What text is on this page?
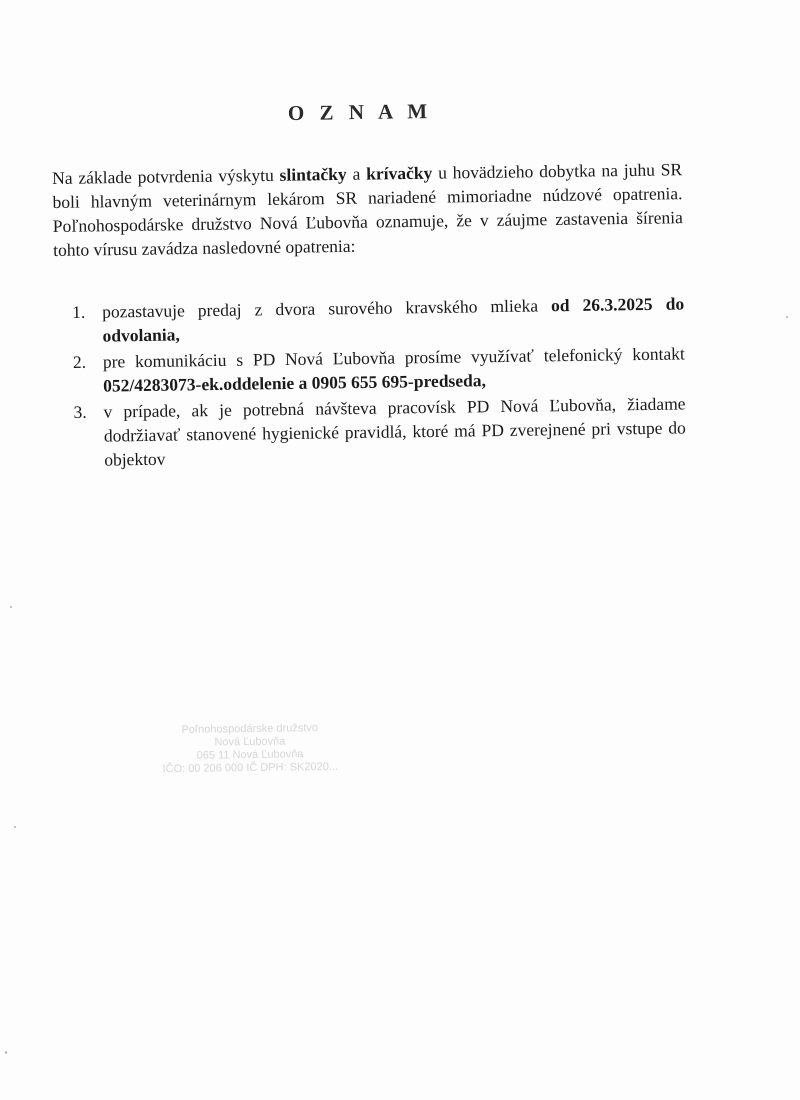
O Z N A M
Na základe potvrdenia výskytu slintačky a krívačky u hovädzieho dobytka na juhu SR boli hlavným veterinárnym lekárom SR nariadené mimoriadne núdzové opatrenia. Poľnohospodárske družstvo Nová Ľubovňa oznamuje, že v záujme zastavenia šírenia tohto vírusu zavádza nasledovné opatrenia:
1. pozastavuje predaj z dvora surového kravského mlieka od 26.3.2025 do odvolania,
2. pre komunikáciu s PD Nová Ľubovňa prosíme využívať telefonický kontakt 052/4283073-ek.oddelenie a 0905 655 695-predseda,
3. v prípade, ak je potrebná návšteva pracovísk PD Nová Ľubovňa, žiadame dodržiavať stanovené hygienické pravidlá, ktoré má PD zverejnené pri vstupe do objektov
Poľnohospodárske družstvo
Nová Ľubovňa
065 11 Nová Ľubovňa
IČO: 00 206 000 IČ DPH: SK2020...
